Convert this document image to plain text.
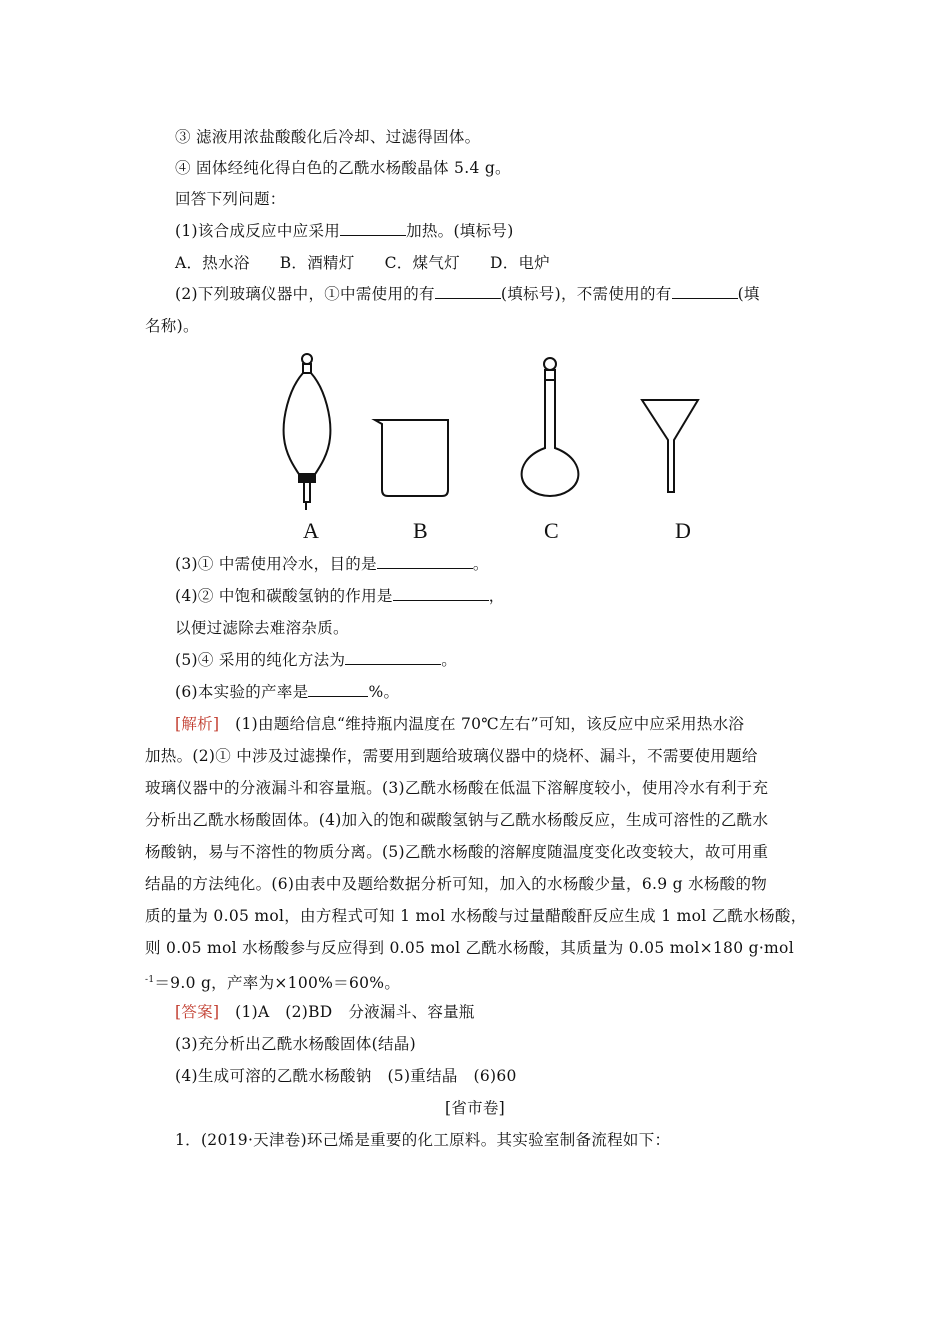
③ 滤液用浓盐酸酸化后冷却、过滤得固体。
④ 固体经纯化得白色的乙酰水杨酸晶体 5.4 g。
回答下列问题：
(1)该合成反应中应采用	加热。(填标号)
A．热水浴 B．酒精灯 C．煤气灯 D．电炉
(2)下列玻璃仪器中，①中需使用的有	(填标号)，不需使用的有	(填
名称)。
A	B	C	D
(3)① 中需使用冷水，目的是	。
(4)② 中饱和碳酸氢钠的作用是	，
以便过滤除去难溶杂质。
(5)④ 采用的纯化方法为	。
(6)本实验的产率是	%。
[解析]　 (1)由题给信息“维持瓶内温度在 70℃左右”可知，该反应中应采用热水浴
加热。(2)① 中涉及过滤操作，需要用到题给玻璃仪器中的烧杯、漏斗，不需要使用题给
玻璃仪器中的分液漏斗和容量瓶。(3)乙酰水杨酸在低温下溶解度较小，使用冷水有利于充
分析出乙酰水杨酸固体。(4)加入的饱和碳酸氢钠与乙酰水杨酸反应，生成可溶性的乙酰水
杨酸钠，易与不溶性的物质分离。(5)乙酰水杨酸的溶解度随温度变化改变较大，故可用重
结晶的方法纯化。(6)由表中及题给数据分析可知，加入的水杨酸少量，6.9 g 水杨酸的物
质的量为 0.05 mol，由方程式可知 1 mol 水杨酸与过量醋酸酐反应生成 1 mol 乙酰水杨酸，
则 0.05 mol 水杨酸参与反应得到 0.05 mol 乙酰水杨酸，其质量为 0.05 mol×180 g·mol
$^{-1}$＝9.0 g，产率为×100%＝60%。
[答案]　 (1)A　(2)BD　分液漏斗、容量瓶
(3)充分析出乙酰水杨酸固体(结晶)
(4)生成可溶的乙酰水杨酸钠　(5)重结晶　(6)60
[省市卷]
1．(2019·天津卷)环己烯是重要的化工原料。其实验室制备流程如下：
